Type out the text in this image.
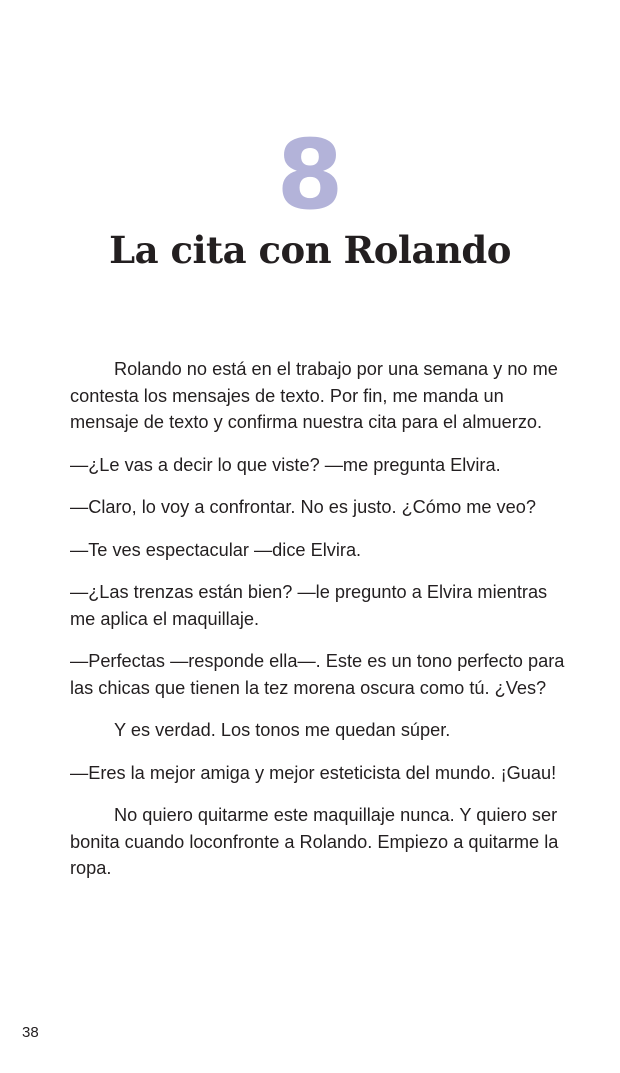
8
La cita con Rolando

Rolando no está en el trabajo por una semana y no me contesta los mensajes de texto. Por fin, me manda un mensaje de texto y confirma nuestra cita para el almuerzo.

—¿Le vas a decir lo que viste? —me pregunta Elvira.

—Claro, lo voy a confrontar. No es justo. ¿Cómo me veo?

—Te ves espectacular —dice Elvira.

—¿Las trenzas están bien? —le pregunto a Elvira mientras me aplica el maquillaje.

—Perfectas —responde ella—. Este es un tono perfecto para las chicas que tienen la tez morena oscura como tú. ¿Ves?

Y es verdad. Los tonos me quedan súper.

—Eres la mejor amiga y mejor esteticista del mundo. ¡Guau!

No quiero quitarme este maquillaje nunca. Y quiero ser bonita cuando loconfronte a Rolando. Empiezo a quitarme la ropa.

38
